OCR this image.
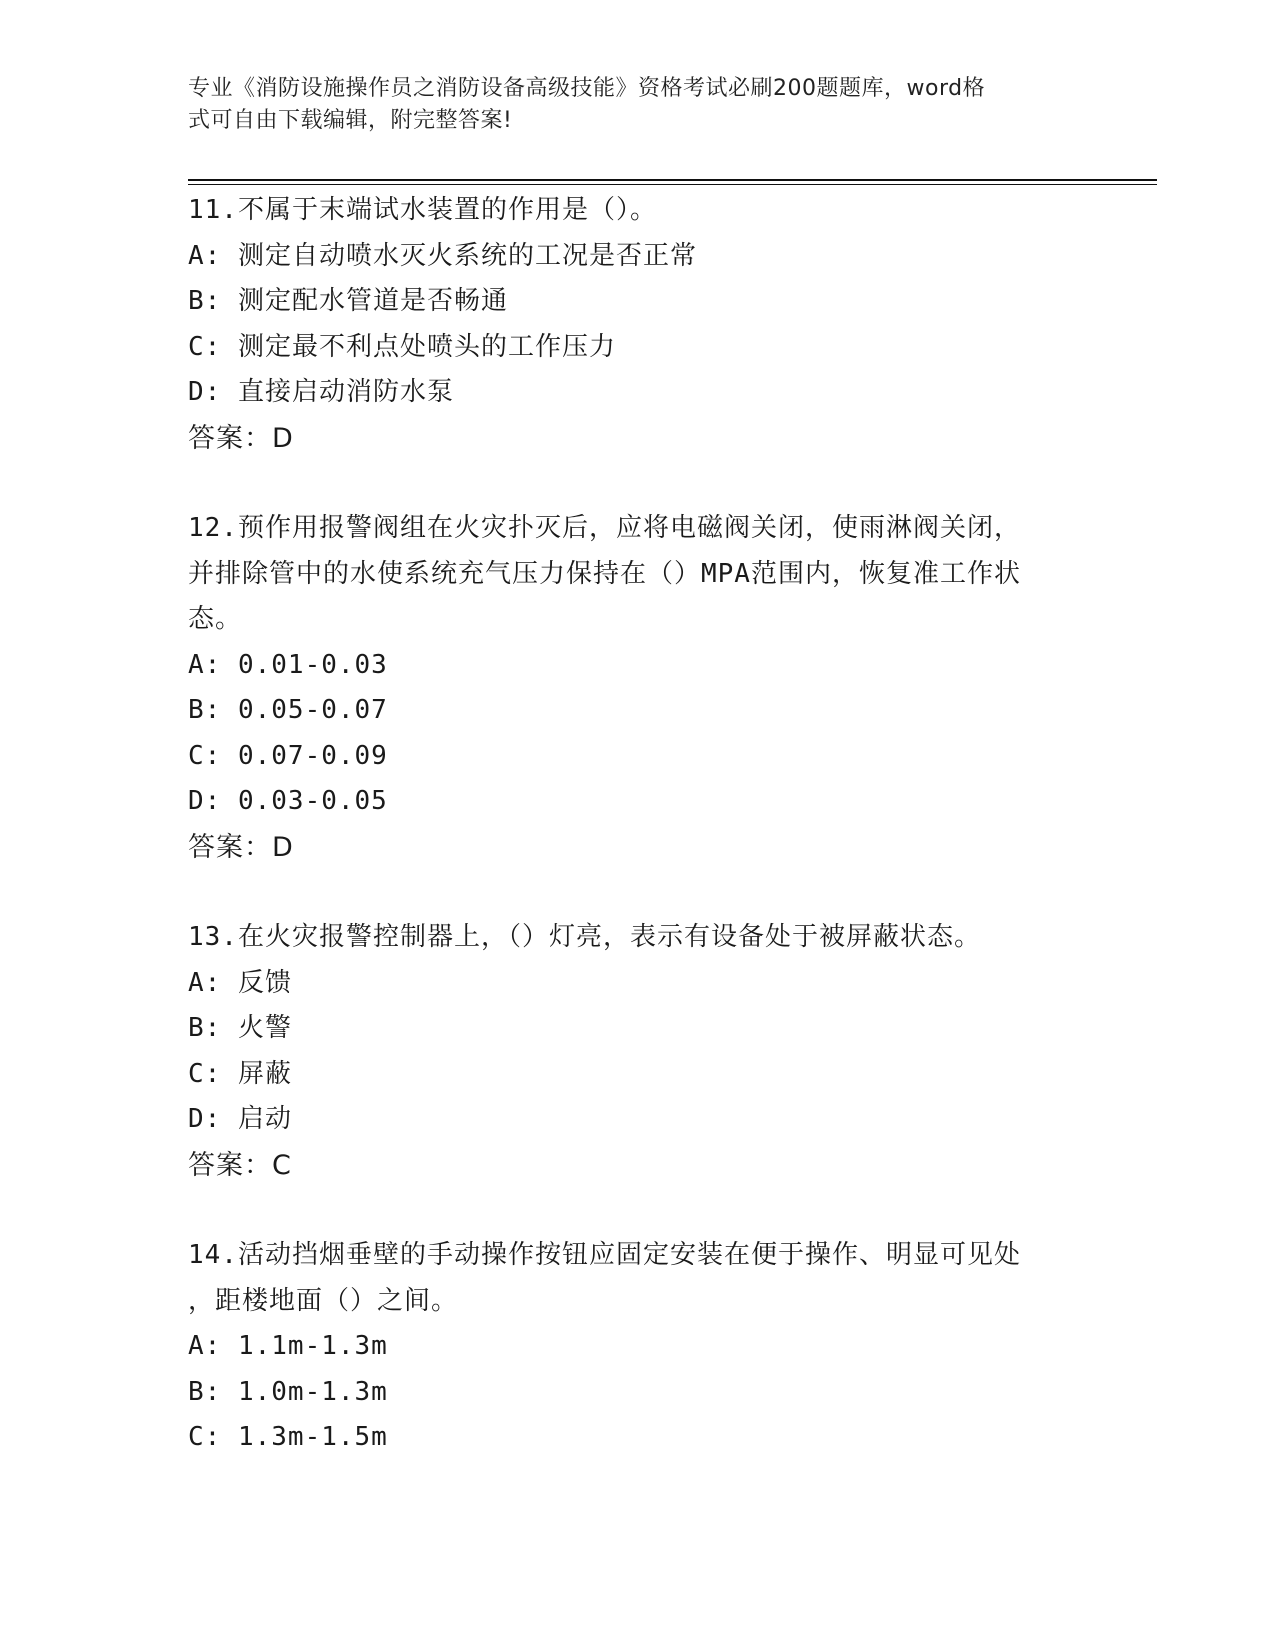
专业《消防设施操作员之消防设备高级技能》资格考试必刷200题题库，word格
式可自由下载编辑，附完整答案!
11.不属于末端试水装置的作用是（）。
A: 测定自动喷水灭火系统的工况是否正常
B: 测定配水管道是否畅通
C: 测定最不利点处喷头的工作压力
D: 直接启动消防水泵
答案：D
12.预作用报警阀组在火灾扑灭后，应将电磁阀关闭，使雨淋阀关闭，
并排除管中的水使系统充气压力保持在（）MPA范围内，恢复准工作状
态。
A: 0.01-0.03
B: 0.05-0.07
C: 0.07-0.09
D: 0.03-0.05
答案：D
13.在火灾报警控制器上，（）灯亮，表示有设备处于被屏蔽状态。
A: 反馈
B: 火警
C: 屏蔽
D: 启动
答案：C
14.活动挡烟垂壁的手动操作按钮应固定安装在便于操作、明显可见处
，距楼地面（）之间。
A: 1.1m-1.3m
B: 1.0m-1.3m
C: 1.3m-1.5m
